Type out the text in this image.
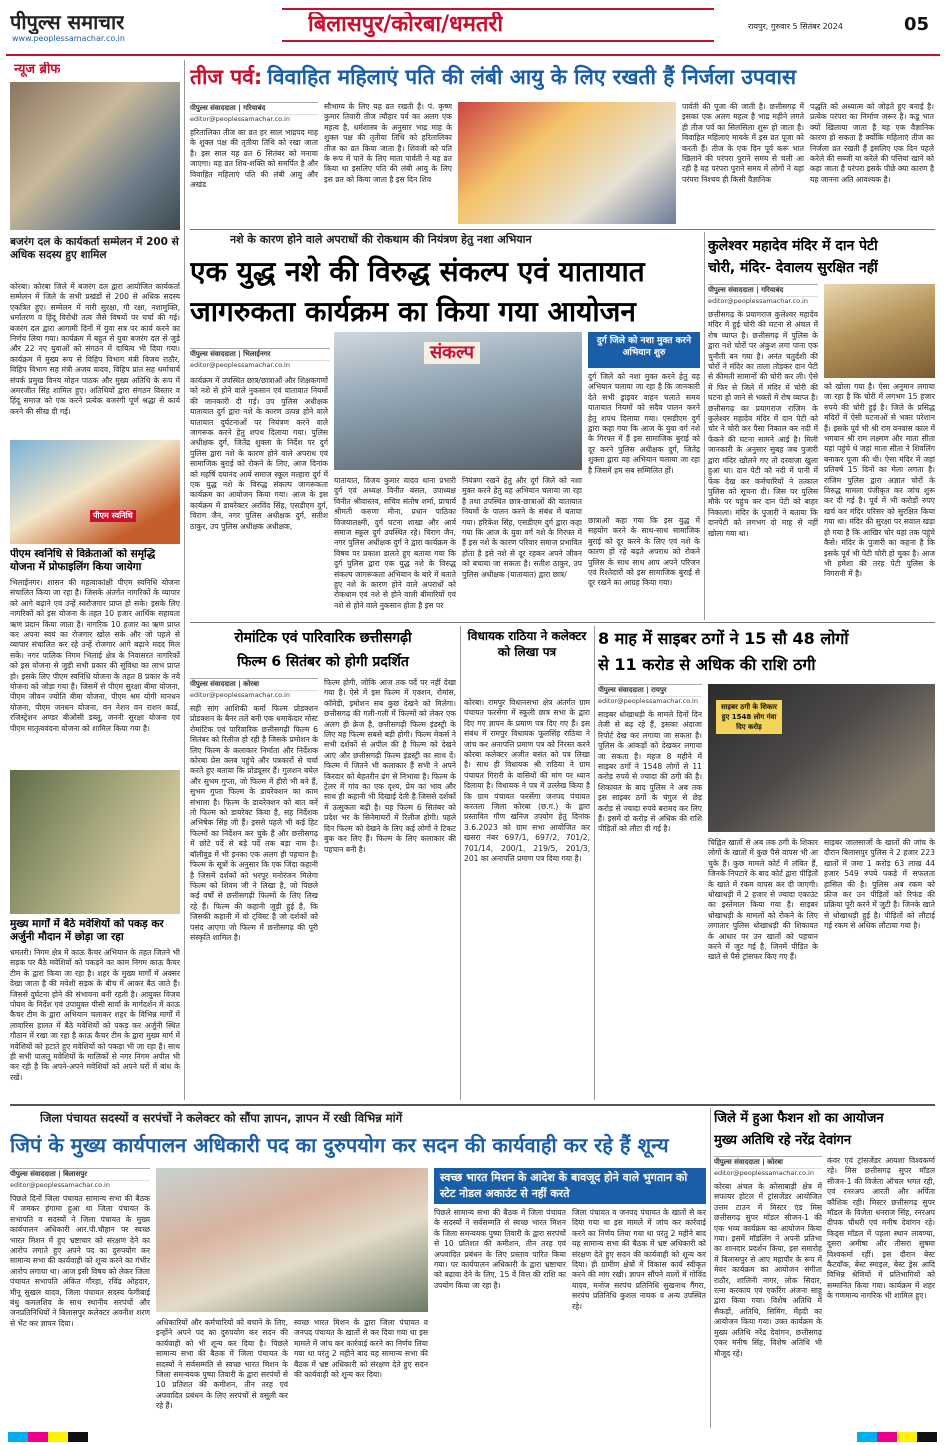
पीपुल्स समाचार
www.peoplessamachar.co.in
बिलासपुर/कोरबा/धमतरी	रायपुर, गुरुवार 5 सितंबर 2024	05
न्यूज ब्रीफ
बजरंग दल के कार्यकर्ता सम्मेलन में 200 से अधिक सदस्य हुए शामिल
कोरबा। कोरबा जिले में बजरंग दल द्वारा आयोजित कार्यकर्ता सम्मेलन में जिले के सभी प्रखंडों से 200 से अधिक सदस्य एकत्रित हुए। सम्मेलन में नारी सुरक्षा, गौ रक्षा, नशामुक्ति, धर्मांतरण व हिंदू विरोधी तत्व जैसे विषयों पर चर्चा की गई। बजरंग दल द्वारा आगामी दिनों में युवा सत्र पर कार्य करने का निर्णय लिया गया। कार्यक्रम में बहुत से युवा बजरंग दल से जुड़े और 22 नए युवाओं को संगठन में दायित्व भी दिया गया। कार्यक्रम में मुख्य रूप से विहिप विभाग मंत्री विजय राठौर, विहिप विभाग सह मंत्री अजय यादव, विहिप प्रांत सह धर्माचार्य संपर्क प्रमुख विनय मोहन पाठक और मुख्य अतिथि के रूप में अमरजीत सिंह शामिल हुए। अतिथियों द्वारा संगठन विस्तार व हिंदू समाज को एक करने प्रत्येक बजरंगी पूर्ण श्रद्धा से कार्य करने की सीख दी गई।
पीएम स्वनिधि
पीएम स्वनिधि से विक्रेताओं को समृद्धि योजना में प्रोफाइलिंग किया जायेगा
भिलाईनगर। शासन की महत्वाकांक्षी पीएम स्वनिधि योजना संचालित किया जा रहा है। जिसके अंतर्गत नागरिकों के व्यापार को आगे बढ़ाने एवं उन्हें स्वरोजगार प्राप्त हो सके। इसके लिए नागरिकों को इस योजना के तहत 10 हजार आर्थिक सहायता ऋण प्रदान किया जाता है। नागरिक 10 हजार का ऋण प्राप्त कर अपना स्वयं का रोजगार खोल सके और जो पहले से व्यापार संचालित कर रहे उन्हें रोजगार आगे बढ़ाने मदद मिल सके। नगर पालिक निगम भिलाई क्षेत्र के निवासरत नागरिकों को इस योजना से जुड़ी सभी प्रकार की सुविधा का लाभ प्राप्त हो। इसके लिए पीएम स्वनिधि योजना के तहत 8 प्रकार के नये योजना को जोड़ा गया है। जिसमें से पीएम सुरक्षा बीमा योजना, पीएम जीवन ज्योति बीमा योजना, पीएम श्रम योगी मानधन योजना, पीएम जनधन योजना, वन नेशन वन राशन कार्ड, रजिस्ट्रेशन अण्डर बीओसी डब्लू, जननी सुरक्षा योजना एवं पीएम मातृत्ववंदना योजना को शामिल किया गया है।
मुख्य मार्गों में बैठे मवेशियों को पकड़ कर अर्जुनी मौदान में छोड़ा जा रहा
धमतरी। निगम क्षेत्र में काऊ कैचर अभियान के तहत जितने भी सड़क पर बैठे मवेशियों को पकड़ने का काम निगम काऊ कैचर टीम के द्वारा किया जा रहा है। शहर के मुख्य मार्गों में अक्सर देखा जाता है की मवेशी सड़क के बीच में आकर बैठ जाते हैं। जिससे दुर्घटना होने की संभावना बनी रहती है। आयुक्त विजय पोयम के निर्देश एवं उपायुक्त पीसी सार्वा के मार्गदर्शन में काऊ कैचर टीम के द्वारा अभियान चलाकर शहर के विभिन्न मार्गों में लावारिस हालत में बैठे मवेशियों को पकड़ कर अर्जुनी स्थित गौठान में रखा जा रहा है काऊ कैचर टीम के द्वारा मुख्य मार्ग में मवेशियों को हटाते हुए मवेशियों को पकड़ा भी जा रहा है। साथ ही सभी पालतू मवेशियों के मालिकों से नगर निगम अपील भी कर रही है कि अपने-अपने मवेशियों को अपने घरों में बांध के रखें।
तीज पर्व: विवाहित महिलाएं पति की लंबी आयु के लिए रखती हैं निर्जला उपवास
पीपुल्स संवाददाता | गरियाबंद
editor@peoplessamachar.co.in
हरितालिका तीज का व्रत हर साल भाद्रपद माह के शुक्ल पक्ष की तृतीया तिथि को रखा जाता है। इस साल यह व्रत 6 सितंबर को मनाया जाएगा। यह व्रत शिव-शक्ति को समर्पित है और विवाहित महिलाएं पति की लंबी आयु और अखंड
सौभाग्य के लिए यह व्रत रखती हैं। पं. कृष्ण कुमार तिवारी तीज त्यौहार पर्व का अलग एक महत्व है, धर्मशास्त्र के अनुसार भाद्र माह के शुक्ल पक्ष की तृतीया तिथि को हरितालिका तीज का व्रत किया जाता है। शिवजी को पति के रूप में पाने के लिए माता पार्वती ने यह व्रत किया था इसलिए पति की लंबी आयु के लिए इस व्रत को किया जाता है इस दिन शिव
पार्वती की पूजा की जाती है। छत्तीसगढ़ में इसका एक अलग महत्व है भाद्र महीने लगते ही तीज पर्व का सिलसिला शुरू हो जाता है। विवाहित महिलाएं मायके में इस व्रत पूजा को करती हैं। तीज के एक दिन पूर्व करू भात खिलाने की परंपरा पुराने समय से चली आ रही है यह परंपरा पुराने समय में लोगों ने यहां परंपरा निश्चय ही किसी वैज्ञानिक
पद्धति को अध्यात्म को जोड़ते हुए बनाई है। प्रत्येक परंपरा का निर्माण जरूर है। कडू भात क्यों खिलाया जाता है यह एक वैज्ञानिक कारण हो सकता है क्योंकि महिलाएं तीज का निर्जला व्रत रखती हैं इसलिए एक दिन पहले करेले की सब्जी या करेले की पत्तियां खाने को कहा जाता है परंपरा इसके पीछे क्या कारण है यह जानना अति आवश्यक है।
नशे के कारण होने वाले अपराधों की रोकथाम की नियंत्रण हेतु नशा अभियान
एक युद्ध नशे की विरुद्ध संकल्प एवं यातायात
जागरुकता कार्यक्रम का किया गया आयोजन
पीपुल्स संवाददाता | भिलाईनगर
editor@peoplessamachar.co.in
कार्यक्रम में उपस्थित छात्र/छात्राओं और शिक्षकगणों को नशे से होने वाले नुकसान एवं यातायात नियमों की जानकारी दी गई। उप पुलिस अधीक्षक यातायात दुर्ग द्वारा नशे के कारण उत्पन्न होने वाले यातायात दुर्घटनाओं पर नियंत्रण करने वाले जागरूक करने हेतु शपथ दिलाया गया। पुलिस अधीक्षक दुर्ग, जितेंद्र शुक्ला के निर्देश पर दुर्ग पुलिस द्वारा नशे के कारण होने वाले अपराध एवं सामाजिक बुराई को रोकने के लिए, आज दिनांक को महर्षि दयानंद आर्य समाज स्कूल मल्हारा दुर्ग में एक युद्ध नशे के विरुद्ध संकल्प जागरूकता कार्यक्रम का आयोजन किया गया। आज के इस कार्यक्रम में डायरेक्टर अरविंद सिंह, एसडीएम दुर्ग, चिराग जैन, नगर पुलिस अधीक्षक दुर्ग, सतीश ठाकुर, उप पुलिस अधीक्षक अधीक्षक,
संकल्प
यातायात, विजय कुमार यादव थाना प्रभारी दुर्ग एवं अध्यक्ष विनीत बंसल, उपाध्यक्ष विनीत श्रीवास्तव, सचिव संतोष शर्मा, प्राचार्य श्रीमती करुणा मीना, प्रधान पाठिका विजयालक्ष्मी, दुर्ग घटना शाखा और आर्य समाज स्कूल दुर्ग उपस्थित रहे। चिराग जैन, नगर पुलिस अधीक्षक दुर्ग ने द्वारा कार्यक्रम के विषय पर प्रकाश डालते हुए बताया गया कि दुर्ग पुलिस द्वारा एक युद्ध नशे के विरुद्ध संकल्प जागरूकता अभियान के बारे में बताते हुए नशे के कारण होने वाले अपराधों को रोकथाम एवं नशे से होने वाली बीमारियों एवं नशे से होने वाले नुकसान होता है इस पर
नियंत्रण रखने हेतु और दुर्ग जिले को नशा मुक्त करने हेतु यह अभियान चलाया जा रहा है तथा उपस्थित छात्र-छात्राओं की यातायात नियमों के पालन करने के संबंध में बताया गया। हरिकेश सिंह, एसडीएम दुर्ग द्वारा कहा गया कि आज के युवा वर्ग नशे के गिरफ्त में हैं इस नशे के कारण परिवार समाज प्रभावित होता है इसे नशे से दूर रहकर अपने जीवन को बचाया जा सकता है। सतीश ठाकुर, उप पुलिस अधीक्षक (यातायात) द्वारा छात्र/
दुर्ग जिले को नशा मुक्त करने अभियान शुरु
दुर्ग जिले को नशा मुक्त करने हेतु यह अभियान चलाया जा रहा है कि जानकारी देते सभी ड्राइवर वाहन चलाते समय यातायात नियमों को सदैव पालन करने हेतु शपथ दिलाया गया। एसडीएम दुर्ग द्वारा कहा गया कि आज के युवा वर्ग नशे के गिरफ्त में हैं इस सामाजिक बुराई को दूर करने पुलिस अधीक्षक दुर्ग, जितेंद्र शुक्ला द्वारा यह अभियान चलाया जा रहा है जिसमें हम सब सम्मिलित हों।
छात्राओं कहा गया कि इस युद्ध में सहयोग करने के साथ-साथ सामाजिक बुराई को दूर करने के लिए एवं नशे के कारण हो रहे बढ़ते अपराध को रोकने पुलिस के साथ साथ आप अपने परिजन एवं रिश्तेदारों को इस सामाजिक बुराई से दूर रखने का आग्रह किया गया।
कुलेश्वर महादेव मंदिर में दान पेटी
चोरी, मंदिर- देवालय सुरक्षित नहीं
पीपुल्स संवाददाता | गरियाबंद
editor@peoplessamachar.co.in
छत्तीसगढ़ के प्रयागराज कुलेश्वर महादेव मंदिर में हुई चोरी की घटना से अंचल में रोष व्याप्त है। छत्तीसगढ़ में पुलिस के द्वारा नशे चोरों पर अंकुश लगा पाना एक चुनौती बन गया है। अनंत चतुर्दशी की चोरों ने मंदिर का ताला तोड़कर दान पेटी से कीमती सामानों की चोरी कर ली। ऐसे में फिर से जिले में मंदिर में चोरी की घटना हो जाने से भक्तों में रोष व्याप्त है। छत्तीसगढ़ का प्रयागराज राजिम के कुलेश्वर महादेव मंदिर में दान पेटी को चोर ने चोरी कर पैसा निकाल कर नदी में फेंकने की घटना सामने आई है। मिली जानकारी के अनुसार सुबह जब पुजारी द्वारा मंदिर खोलने गए तो दरवाजा खुला हुआ था। दान पेटी को नदी में पानी में फेंक देख कर कर्मचारियों ने तत्काल पुलिस को सूचना दी। जिस पर पुलिस मौके पर पहुंच कर दान पेटी को बाहर निकाला। मंदिर के पुजारी ने बताया कि दानपेटी को लगभग दो माह से नहीं खोला गया था।
को खोला गया है। ऐसा अनुमान लगाया जा रहा है कि चोरी में लगभग 15 हजार रुपये की चोरी हुई है। जिले के प्रसिद्ध मंदिरों में ऐसी घटनाओं से भक्त परेशान हैं। इसके पूर्व भी श्री राम वनवास काल में भगवान श्री राम लक्ष्मण और माता सीता यहां पहुंचे थे जहां माता सीता ने शिवलिंग बनाकर पूजा की थी। ऐसा मंदिर में जहां प्रतिवर्ष 15 दिनों का मेला लगता है। राजिम पुलिस द्वारा अज्ञात चोरों के विरुद्ध मामला पंजीकृत कर जांच शुरू कर दी गई है। पूर्व में भी करोड़ों रुपए खर्च कर मंदिर परिसर को सुरक्षित किया गया था। मंदिर की सुरक्षा पर सवाल खड़ा हो गया है कि आखिर चोर यहां तक पहुंचे कैसे। मंदिर के पुजारी का कहना है कि इसके पूर्व भी पेटी चोरी हो चुका है। आज भी हमेशा की तरह पेटी पुलिस के निगरानी में है।
रोमांटिक एवं पारिवारिक छत्तीसगढ़ी
फिल्म 6 सितंबर को होगी प्रदर्शित
पीपुल्स संवाददाता | कोरबा
editor@peoplessamachar.co.in
सही सांग आशिकी कर्मा फिल्म प्रोडक्शन प्रोडक्शन के बैनर तले बनी एक धमाकेदार मोस्ट रोमांटिक एवं पारिवारिक छत्तीसगढ़ी फिल्म 6 सितंबर को रिलीज हो रही है जिसके प्रमोशन के लिए फिल्म के कलाकार निर्माता और निर्देशक कोरबा प्रेस क्लब पहुंचे और पत्रकारों से चर्चा करते हुए बताया कि प्रोड्यूसर हैं। गुलशन बघेल और सुभम गुप्ता, जो फिल्म में हीरो भी बने हैं, सुभम गुप्ता फिल्म के डायरेक्शन का काम संभाला है। फिल्म के डायरेक्शन को बात करें तो फिल्म को डायरेक्ट किया है, सह निर्देशक अभिषेक सिंह जी हैं। इससे पहले भी कई हिट फिल्मों का निर्देशन कर चुके हैं और छत्तीसगढ़ में छोटे पर्दे से बड़े पर्दे तक बड़ा नाम है। बॉलीवुड में भी इनका एक अलग ही पहचान है। फिल्म के सूत्रों के अनुसार कि एक जिंदा कहानी है जिसमें दर्शकों को भरपूर मनोरंजन मिलेगा फिल्म को शिवम जी ने लिखा है, जो पिछले कई वर्षों से छत्तीसगढ़ी फिल्मों के लिए लिख रहे हैं। फिल्म की कहानी जुड़ी हुई है, कि जिसकी कहानी में वो ट्विस्ट है जो दर्शकों को पसंद आएगा जो फिल्म में छत्तीसगढ़ की पूरी संस्कृति शामिल है।
फिल्म होगी, जोकि आज तक पर्दे पर नहीं देखा गया है। ऐसे में इस फिल्म में एक्शन, रोमांस, कॉमेडी, इमोशन सब कुछ देखने को मिलेगा। छत्तीसगढ़ की गली-गली में फिल्मों को लेकर एक अलग ही क्रेज है, छत्तीसगढ़ी फिल्म इंडस्ट्री के लिए यह फिल्म सबसे बड़ी होगी। फिल्म मेकर्स ने सभी दर्शकों से अपील की है फिल्म को देखने आएं और छत्तीसगढ़ी फिल्म इंडस्ट्री का साथ दें। फिल्म में जितने भी कलाकार हैं सभी ने अपने किरदार को बेहतरीन ढंग से निभाया है। फिल्म के ट्रेलर में गांव का एक दृश्य, प्रेम का भाव और साथ ही कहानी भी दिखाई देती है जिससे दर्शकों में उत्सुकता बढ़ी है। यह फिल्म 6 सितंबर को प्रदेश भर के सिनेमाघरों में रिलीज होगी। पहले दिन फिल्म को देखने के लिए कई लोगों ने टिकट बुक कर लिए हैं। फिल्म के लिए कलाकार की पहचान बनी है।
विधायक राठिया ने कलेक्टर को लिखा पत्र
कोरबा। रामपुर विधानसभा क्षेत्र अंतर्गत ग्राम पंचायत फरसेंगा में स्कूली छात्र सभा के द्वारा दिए गए ज्ञापन के प्रमाण पत्र दिए गए हैं। इस संबंध में रामपुर विधायक फूलसिंह राठिया ने जांच कर अनापत्ति प्रमाण पत्र को निरस्त करने कोरबा कलेक्टर अजीत बसंत को पत्र लिखा है। साथ ही विधायक श्री राठिया ने ग्राम पंचायत गिरारी के वासियों की मांग पर ध्यान दिलाया है। विधायक ने पत्र में उल्लेख किया है कि ग्राम पंचायत फरसेंगा जनपद पंचायत करतला जिला कोरबा (छ.ग.) के द्वारा प्रस्तावित गौण खनिज उपयोग हेतु दिनांक 3.6.2023 को ग्राम सभा आयोजित कर खसरा नंबर 697/1, 697/2, 701/2, 701/14, 200/1, 219/5, 201/3, 201 का अनापत्ति प्रमाण पत्र दिया गया है।
8 माह में साइबर ठगों ने 15 सौ 48 लोगों
से 11 करोड से अधिक की राशि ठगी
पीपुल्स संवाददाता | रायपुर
editor@peoplessamachar.co.in
साइबर धोखाधड़ी के मामले दिनों दिन तेजी से बढ़ रहे हैं, इसका अंदाजा रिपोर्ट देख कर लगाया जा सकता है। पुलिस के आंकड़ों को देखकर लगाया जा सकता है। महज 8 महीने में साइबर ठगों ने 1548 लोगों से 11 करोड़ रुपये से ज्यादा की ठगी की है। शिकायत के बाद पुलिस ने अब तक इस साइबर ठगों के चंगुल से छेड़ करोड़ से ज्यादा रुपये बरामद कर लिए हैं। इसमें दो करोड़ से अधिक की राशि पीड़ितों को लौटा दी गई है।
साइबर ठगी के शिकार हुए 1548 लोग गंवा दिए करोड़
चिह्नित खातों से अब तक ठगी के शिकार लोगों के खातों में कुछ पैसे वापस भी आ चुके हैं। कुछ मामले कोर्ट में लंबित हैं, जिनके निपटारे के बाद कोर्ट द्वारा पीड़ितों के खाते में रकम वापस कर दी जाएगी। धोखाधड़ी में 2 हजार से ज्यादा एकाउंट का इस्तेमाल किया गया है। साइबर धोखाधड़ी के मामलों को रोकने के लिए लगातार पुलिस धोखाधड़ी की शिकायत के आधार पर उन खातों को पहचान करने में जुट गई है, जिनमें पीड़ित के खाते से पैसे ट्रांसफर किए गए हैं।
साइबर जालसाजों के खातों की जांच के दौरान बिलासपुर पुलिस ने 2 हजार 223 खातों में जमा 1 करोड़ 63 लाख 44 हजार 549 रुपये पकड़े में सफलता हासिल की है। पुलिस अब रकम को फ्रीज कर उन पीड़ितों को रिफंड की प्रक्रिया पूरी करने में जुटी है। जिनके खाते से धोखाधड़ी हुई है। पीड़ितों को लौटाई गई रकम से अधिक लौटाया गया है।
जिला पंचायत सदस्यों व सरपंचों ने कलेक्टर को सौंपा ज्ञापन, ज्ञापन में रखी विभिन्न मांगें
जिपं के मुख्य कार्यपालन अधिकारी पद का दुरुपयोग कर सदन की कार्यवाही कर रहे हैं शून्य
पीपुल्स संवाददाता | बिलासपुर
editor@peoplessamachar.co.in
पिछले दिनों जिला पंचायत सामान्य सभा की बैठक में जमकर हंगामा हुआ था जिला पंचायत के सभापति व सदस्यों ने जिला पंचायत के मुख्य कार्यपालन अधिकारी आर.पी.चौहान पर स्वच्छ भारत मिशन में हुए भ्रष्टाचार को संरक्षण देने का आरोप लगाते हुए अपने पद का दुरुपयोग कर सामान्य सभा की कार्यवाही को शून्य करने का गंभीर आरोप लगाया था। आज इसी विषय को लेकर जिला पंचायत सभापति अंकित गौरहा, रविंद्र ओहदार, मीनू सुखल यादव, जिला पंचायत सदस्य फेगीबाई बंधु कमलशिव के साथ स्थानीय सरपंचों और जनप्रतिनिधियों ने बिलासपुर कलेक्टर अवनीश शरण से भेंट कर ज्ञापन दिया।	अधिकारियों और कर्मचारियों को बचाने के लिए, इन्होंने अपने पद का दुरुपयोग कर सदन की कार्यवाही को भी शून्य कर दिया है। पिछले सामान्य सभा की बैठक में जिला पंचायत के सदस्यों ने सर्वसम्मति से स्वच्छ भारत मिशन के जिला समन्वयक पुष्पा तिवारी के द्वारा सरपंचों से 10 प्रतिशत की कमीशन, तीन तरह एवं अपवादित प्रबंधन के लिए सरपंचों से वसूली कर रहे हैं।
स्वच्छ भारत मिशन के द्वारा जिला पंचायत व जनपद पंचायत के खातों से कर दिया गया था इस मामले में जांच कर कार्रवाई करने का निर्णय लिया गया था परंतु 2 महीने बाद यह सामान्य सभा की बैठक में भ्रष्ट अधिकारी को संरक्षण देते हुए सदन की कार्यवाही को शून्य कर दिया।
स्वच्छ भारत मिशन के आदेश के बावजूद होने वाले भुगतान को स्टेट नोडल अकाउंट से नहीं करते
पिछले सामान्य सभा की बैठक में जिला पंचायत के सदस्यों ने सर्वसम्मति से स्वच्छ भारत मिशन के जिला समन्वयक पुष्पा तिवारी के द्वारा सरपंचों से 10 प्रतिशत की कमीशन, तीन तरह एवं अपवादित प्रबंधन के लिए प्रस्ताव पारित किया गया। पर कार्यपालन अधिकारी के द्वारा भ्रष्टाचार को बढ़ावा देने के लिए, 15 वें वित्त की राशि का उपयोग किया जा रहा है।
जिला पंचायत व जनपद पंचायत के खातों से कर दिया गया था इस मामले में जांच कर कार्रवाई करने का निर्णय लिया गया था परंतु 2 महीने बाद यह सामान्य सभा की बैठक में भ्रष्ट अधिकारी को संरक्षण देते हुए सदन की कार्यवाही को शून्य कर दिया। ही ग्रामीण क्षेत्रों में विकास कार्य स्वीकृत करने की मांग रखी। ज्ञापन सौंपने वालों में गोविंद यादव, मनोज सरपंच प्रतिनिधि सुखनाथ गैंगरा, सरपंच प्रतिनिधि कुशल नायक व अन्य उपस्थित रहे।
जिले में हुआ फैशन शो का आयोजन
मुख्य अतिथि रहे नरेंद्र देवांगन
पीपुल्स संवाददाता | कोरबा
editor@peoplessamachar.co.in
कोरबा अंचल के कोसाबाड़ी क्षेत्र में सफायर होटल में ट्रांसजेंडर आयोजित उत्तम टाउन में मिस्टर एंड मिस छत्तीसगढ़ सुपर मॉडल सीजन-1 की एक भव्य कार्यक्रम का आयोजन किया गया। इसमें मॉडलिंग ने अपनी प्रतिभा का शानदार प्रदर्शन किया, इस समारोह में बिलासपुर से आए महापौर के रूप में मेयर कार्यक्रम का आयोजन संगीता राठौर, शालिनी नागर, लोक सिदार, रत्ना करकाय एवं एकरिंग अंजना साहू द्वारा किया गया। विशेष अतिथि में सैकड़ों, अतिथि, सिमिंग, मेंहदी का आयोजन किया गया। उक्त कार्यक्रम के मुख्य अतिथि नरेंद्र देवांगन, छत्तीसगढ़ एंकर मनीष सिंह, विशेष अतिथि भी मौजूद रहे।
कंवर एवं ट्रांसजेंडर आयशा विश्वकर्मा रहे। मिस छत्तीसगढ़ सुपर मॉडल सीजन-1 की विजेता ऑचल भगत रही, एवं रनरअप आरती और अर्पिता कौशिक रही। मिस्टर छत्तीसगढ़ सुपर मॉडल के विजेता धनराज सिंह, रनरअप दीपक चौधरी एवं मनीष देवांगन रहे। किड्स मॉडल में पहला स्थान लावण्या, दूसरा अमीषा और तीसरा सुषमा विश्वकर्मा रहीं। इस दौरान बेस्ट कैटवॉक, बेस्ट स्माइल, बेस्ट ड्रेस आदि विभिन्न श्रेणियों में प्रतिभागियों को सम्मानित किया गया। कार्यक्रम में शहर के गणमान्य नागरिक भी शामिल हुए।
